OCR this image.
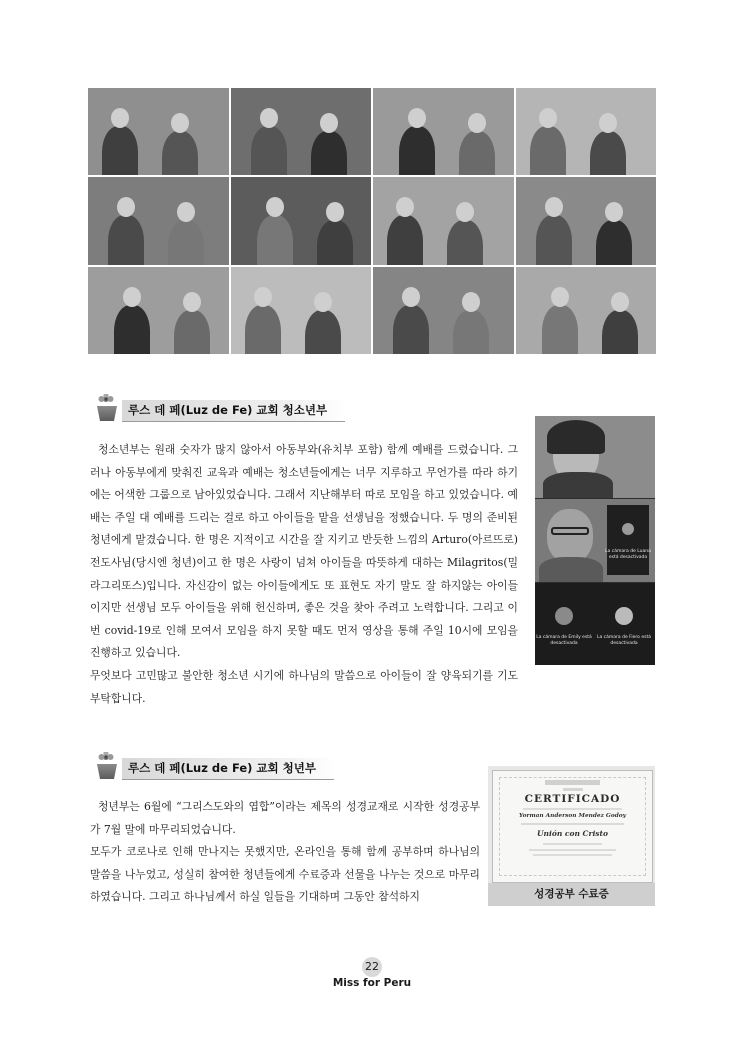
루스 데 페(Luz de Fe) 교회 청소년부

청소년부는 원래 숫자가 많지 않아서 아동부와(유치부 포함) 함께 예배를 드렸습니다. 그러나 아동부에게 맞춰진 교육과 예배는 청소년들에게는 너무 지루하고 무언가를 따라 하기에는 어색한 그룹으로 남아있었습니다. 그래서 지난해부터 따로 모임을 하고 있었습니다. 예배는 주일 대 예배를 드리는 걸로 하고 아이들을 맡을 선생님을 정했습니다. 두 명의 준비된 청년에게 맡겼습니다. 한 명은 지적이고 시간을 잘 지키고 반듯한 느낌의 Arturo(아르뜨로)전도사님(당시엔 청년)이고 한 명은 사랑이 넘쳐 아이들을 따뜻하게 대하는 Milagritos(밀라그리또스)입니다. 자신감이 없는 아이들에게도 또 표현도 자기 말도 잘 하지않는 아이들 이지만 선생님 모두 아이들을 위해 헌신하며, 좋은 것을 찾아 주려고 노력합니다. 그리고 이번 covid-19로 인해 모여서 모임을 하지 못할 때도 먼저 영상을 통해 주일 10시에 모임을 진행하고 있습니다.

무엇보다 고민많고 불안한 청소년 시기에 하나님의 말씀으로 아이들이 잘 양육되기를 기도 부탁합니다.

La cámara de Luana está desactivada
La cámara de Emily está desactivada
La cámara de Fiero está desactivada
루스 데 페(Luz de Fe) 교회 청년부

청년부는 6월에 “그리스도와의 엽합”이라는 제목의 성경교재로 시작한 성경공부가 7월 말에 마무리되었습니다.

모두가 코로나로 인해 만나지는 못했지만, 온라인을 통해 함께 공부하며 하나님의 말씀을 나누었고, 성실히 참여한 청년들에게 수료증과 선물을 나누는 것으로 마무리하였습니다. 그리고 하나님께서 하실 일들을 기대하며 그동안 참석하지

CERTIFICADO
Yorman Anderson Mendez Godoy
Unión con Cristo
성경공부 수료증
22
Miss for Peru
